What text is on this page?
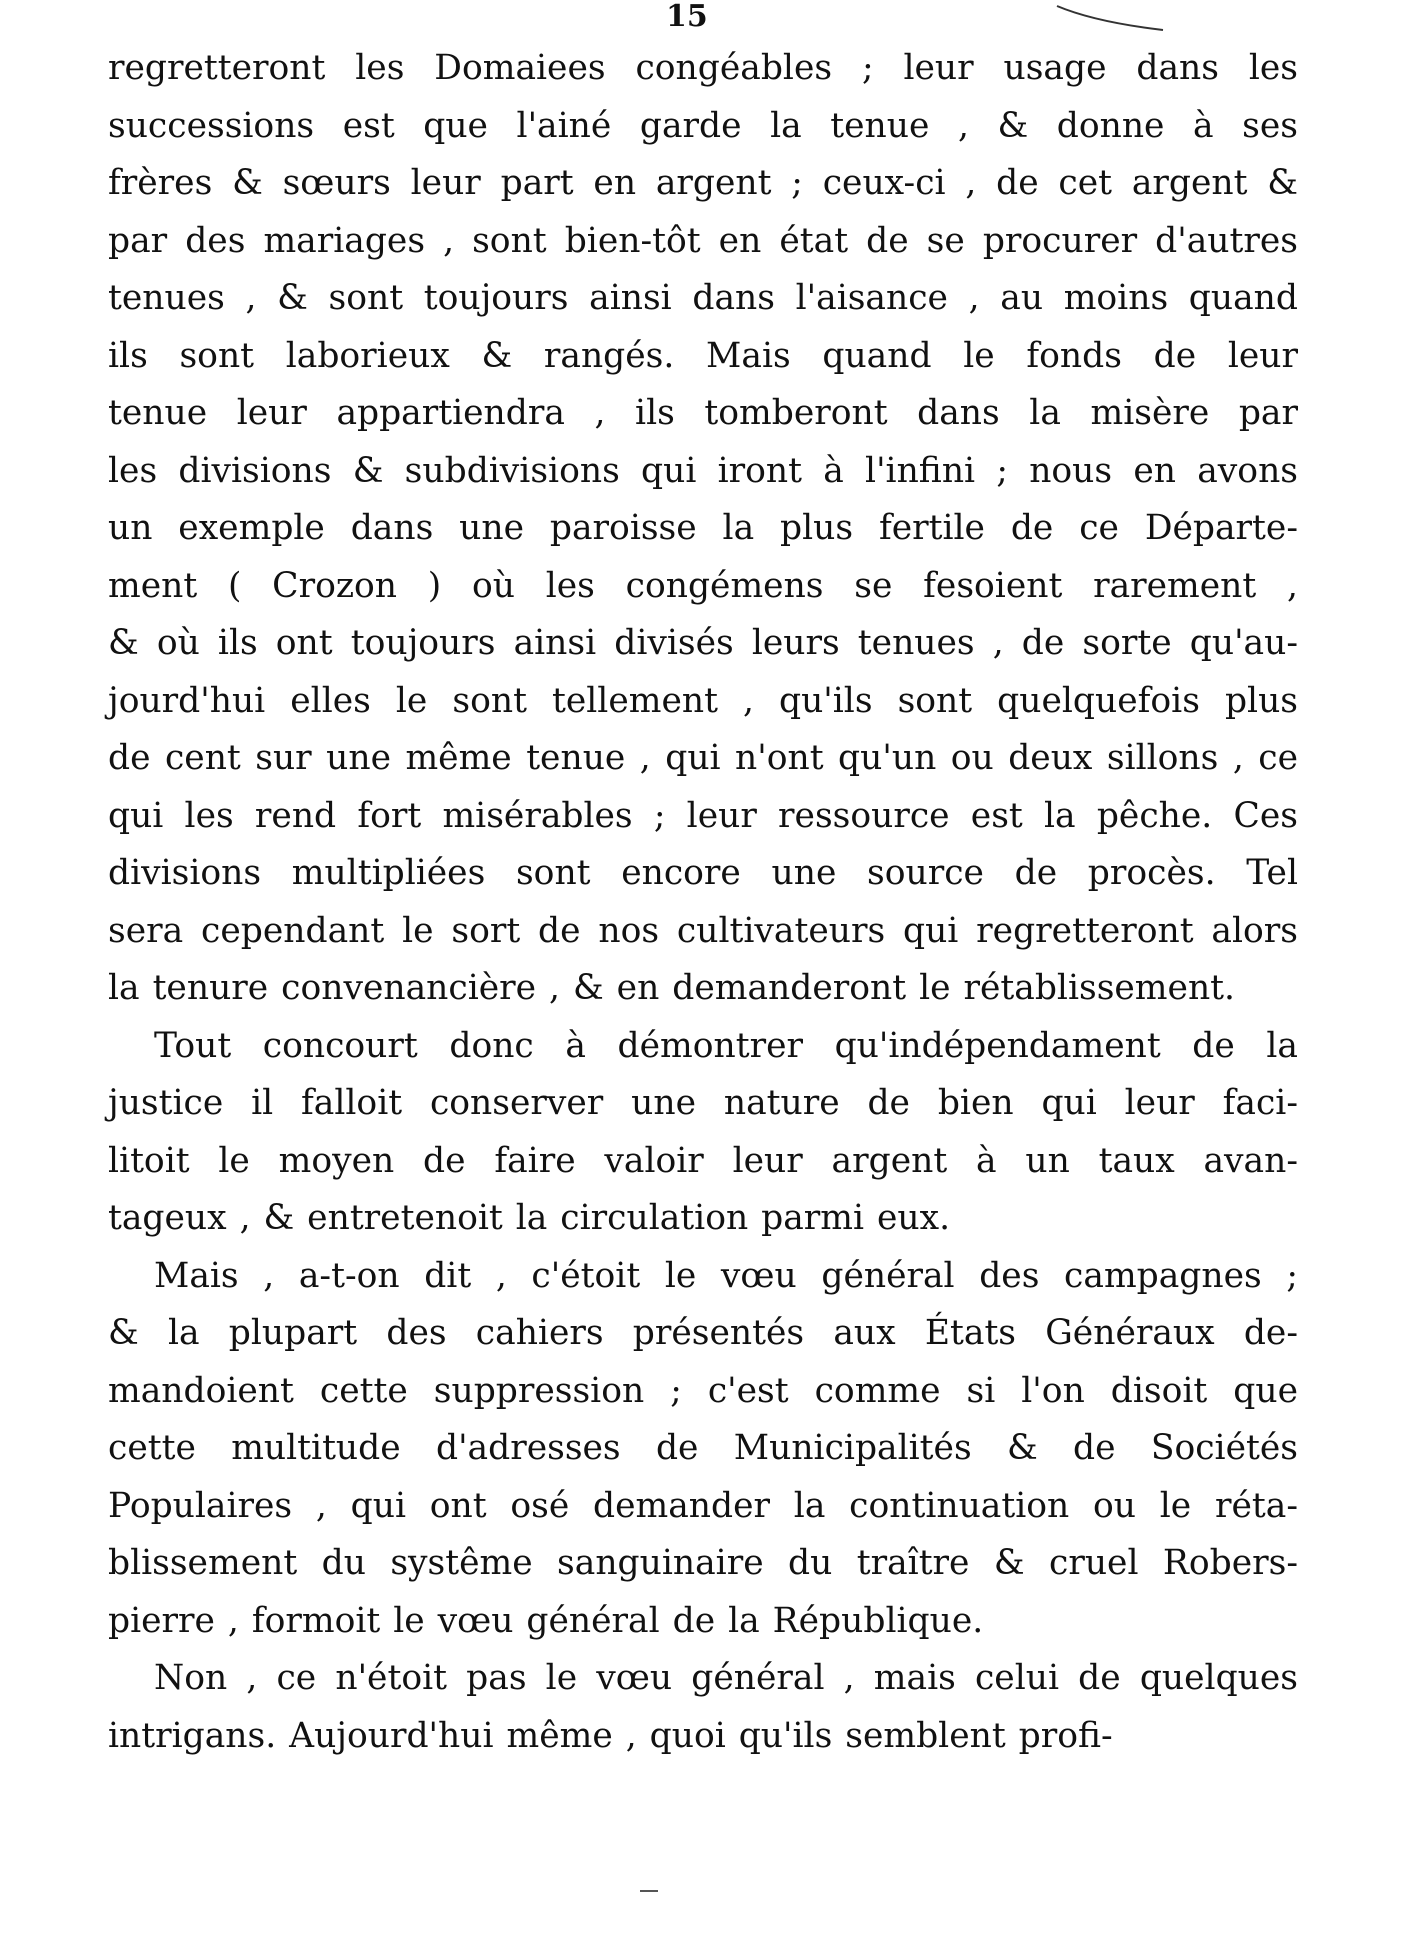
15
regretteront les Domaiees congéables ; leur usage dans les
successions est que l'ainé garde la tenue , & donne à ses
frères & sœurs leur part en argent ; ceux-ci , de cet argent &
par des mariages , sont bien-tôt en état de se procurer d'autres
tenues , & sont toujours ainsi dans l'aisance , au moins quand
ils sont laborieux & rangés. Mais quand le fonds de leur
tenue leur appartiendra , ils tomberont dans la misère par
les divisions & subdivisions qui iront à l'infini ; nous en avons
un exemple dans une paroisse la plus fertile de ce Départe-
ment ( Crozon ) où les congémens se fesoient rarement ,
& où ils ont toujours ainsi divisés leurs tenues , de sorte qu'au-
jourd'hui elles le sont tellement , qu'ils sont quelquefois plus
de cent sur une même tenue , qui n'ont qu'un ou deux sillons , ce
qui les rend fort misérables ; leur ressource est la pêche. Ces
divisions multipliées sont encore une source de procès. Tel
sera cependant le sort de nos cultivateurs qui regretteront alors
la tenure convenancière , & en demanderont le rétablissement.
Tout concourt donc à démontrer qu'indépendament de la
justice il falloit conserver une nature de bien qui leur faci-
litoit le moyen de faire valoir leur argent à un taux avan-
tageux , & entretenoit la circulation parmi eux.
Mais , a-t-on dit , c'étoit le vœu général des campagnes ;
& la plupart des cahiers présentés aux États Généraux de-
mandoient cette suppression ; c'est comme si l'on disoit que
cette multitude d'adresses de Municipalités & de Sociétés
Populaires , qui ont osé demander la continuation ou le réta-
blissement du systême sanguinaire du traître & cruel Robers-
pierre , formoit le vœu général de la République.
Non , ce n'étoit pas le vœu général , mais celui de quelques
intrigans. Aujourd'hui même , quoi qu'ils semblent profi-
